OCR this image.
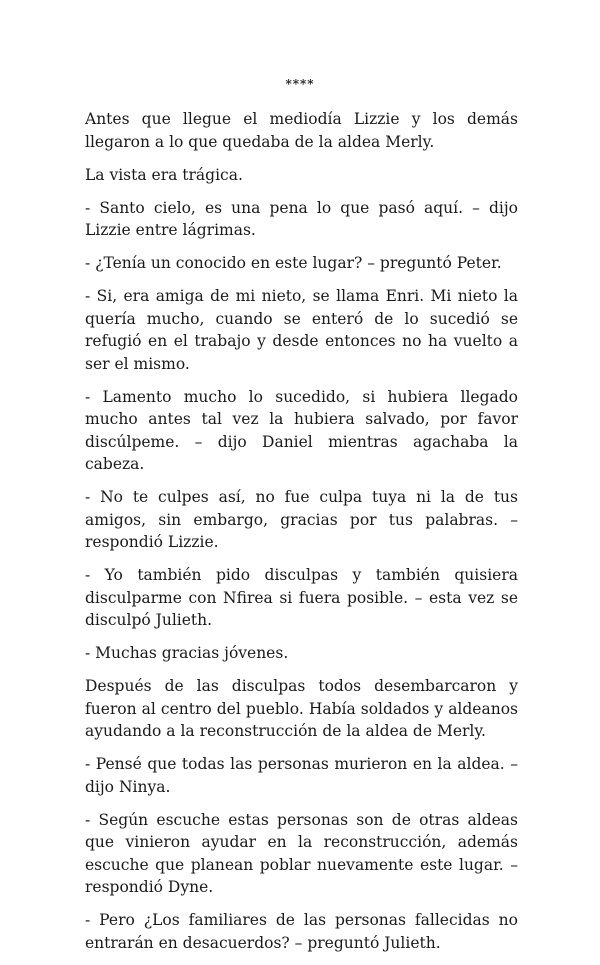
****

Antes que llegue el mediodía Lizzie y los demás llegaron a lo que quedaba de la aldea Merly.

La vista era trágica.

- Santo cielo, es una pena lo que pasó aquí. – dijo Lizzie entre lágrimas.

- ¿Tenía un conocido en este lugar? – preguntó Peter.

- Si, era amiga de mi nieto, se llama Enri. Mi nieto la quería mucho, cuando se enteró de lo sucedió se refugió en el trabajo y desde entonces no ha vuelto a ser el mismo.

- Lamento mucho lo sucedido, si hubiera llegado mucho antes tal vez la hubiera salvado, por favor discúlpeme. – dijo Daniel mientras agachaba la cabeza.

- No te culpes así, no fue culpa tuya ni la de tus amigos, sin embargo, gracias por tus palabras. – respondió Lizzie.

- Yo también pido disculpas y también quisiera disculparme con Nfirea si fuera posible. – esta vez se disculpó Julieth.

- Muchas gracias jóvenes.

Después de las disculpas todos desembarcaron y fueron al centro del pueblo. Había soldados y aldeanos ayudando a la reconstrucción de la aldea de Merly.

- Pensé que todas las personas murieron en la aldea. – dijo Ninya.

- Según escuche estas personas son de otras aldeas que vinieron ayudar en la reconstrucción, además escuche que planean poblar nuevamente este lugar. – respondió Dyne.

- Pero ¿Los familiares de las personas fallecidas no entrarán en desacuerdos? – preguntó Julieth.
